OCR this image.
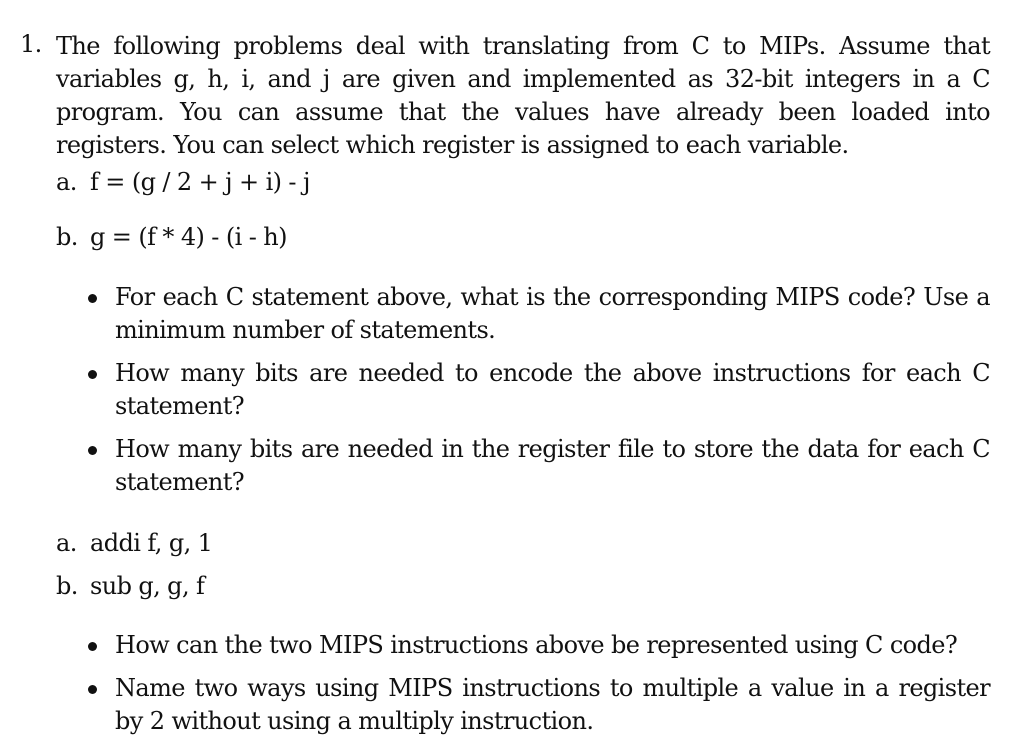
1. The following problems deal with translating from C to MIPs. Assume that variables g, h, i, and j are given and implemented as 32-bit integers in a C program. You can assume that the values have already been loaded into registers. You can select which register is assigned to each variable.
a. f = (g / 2 + j + i) - j
b. g = (f * 4) - (i - h)
For each C statement above, what is the corresponding MIPS code? Use a minimum number of statements.
How many bits are needed to encode the above instructions for each C statement?
How many bits are needed in the register file to store the data for each C statement?
a. addi f, g, 1
b. sub g, g, f
How can the two MIPS instructions above be represented using C code?
Name two ways using MIPS instructions to multiple a value in a register by 2 without using a multiply instruction.
